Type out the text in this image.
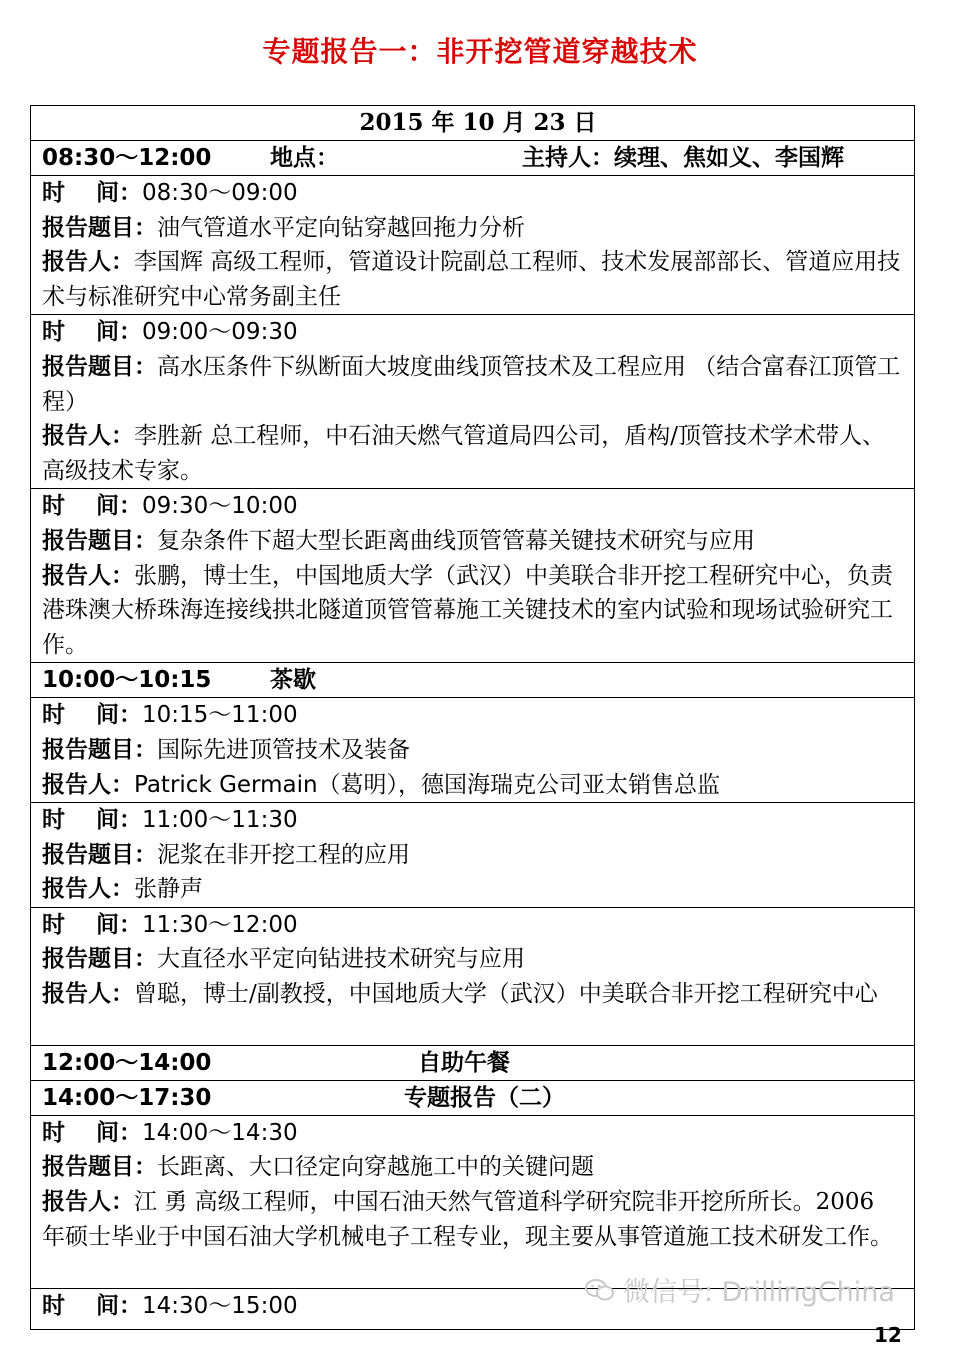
专题报告一：非开挖管道穿越技术
2015 年 10 月 23 日

08:30～12:00	地点：	主持人：续理、焦如义、李国辉

时　 间：08:30～09:00
报告题目：油气管道水平定向钻穿越回拖力分析
报告人：李国辉 高级工程师，管道设计院副总工程师、技术发展部部长、管道应用技术与标准研究中心常务副主任

时　 间：09:00～09:30
报告题目：高水压条件下纵断面大坡度曲线顶管技术及工程应用 （结合富春江顶管工程）
报告人：李胜新 总工程师，中石油天燃气管道局四公司，盾构/顶管技术学术带人、高级技术专家。

时　 间：09:30～10:00
报告题目：复杂条件下超大型长距离曲线顶管管幕关键技术研究与应用
报告人：张鹏，博士生，中国地质大学（武汉）中美联合非开挖工程研究中心，负责港珠澳大桥珠海连接线拱北隧道顶管管幕施工关键技术的室内试验和现场试验研究工作。

10:00～10:15	茶歇

时　 间：10:15～11:00
报告题目：国际先进顶管技术及装备
报告人：Patrick Germain（葛明），德国海瑞克公司亚太销售总监

时　 间：11:00～11:30
报告题目：泥浆在非开挖工程的应用
报告人：张静声

时　 间：11:30～12:00
报告题目：大直径水平定向钻进技术研究与应用
报告人：曾聪，博士/副教授，中国地质大学（武汉）中美联合非开挖工程研究中心

12:00～14:00	自助午餐

14:00～17:30	专题报告（二）

时　 间：14:00～14:30
报告题目：长距离、大口径定向穿越施工中的关键问题
报告人：江 勇 高级工程师，中国石油天然气管道科学研究院非开挖所所长。2006 年硕士毕业于中国石油大学机械电子工程专业，现主要从事管道施工技术研发工作。

时　 间：14:30～15:00	微信号: DrillingChina
12
